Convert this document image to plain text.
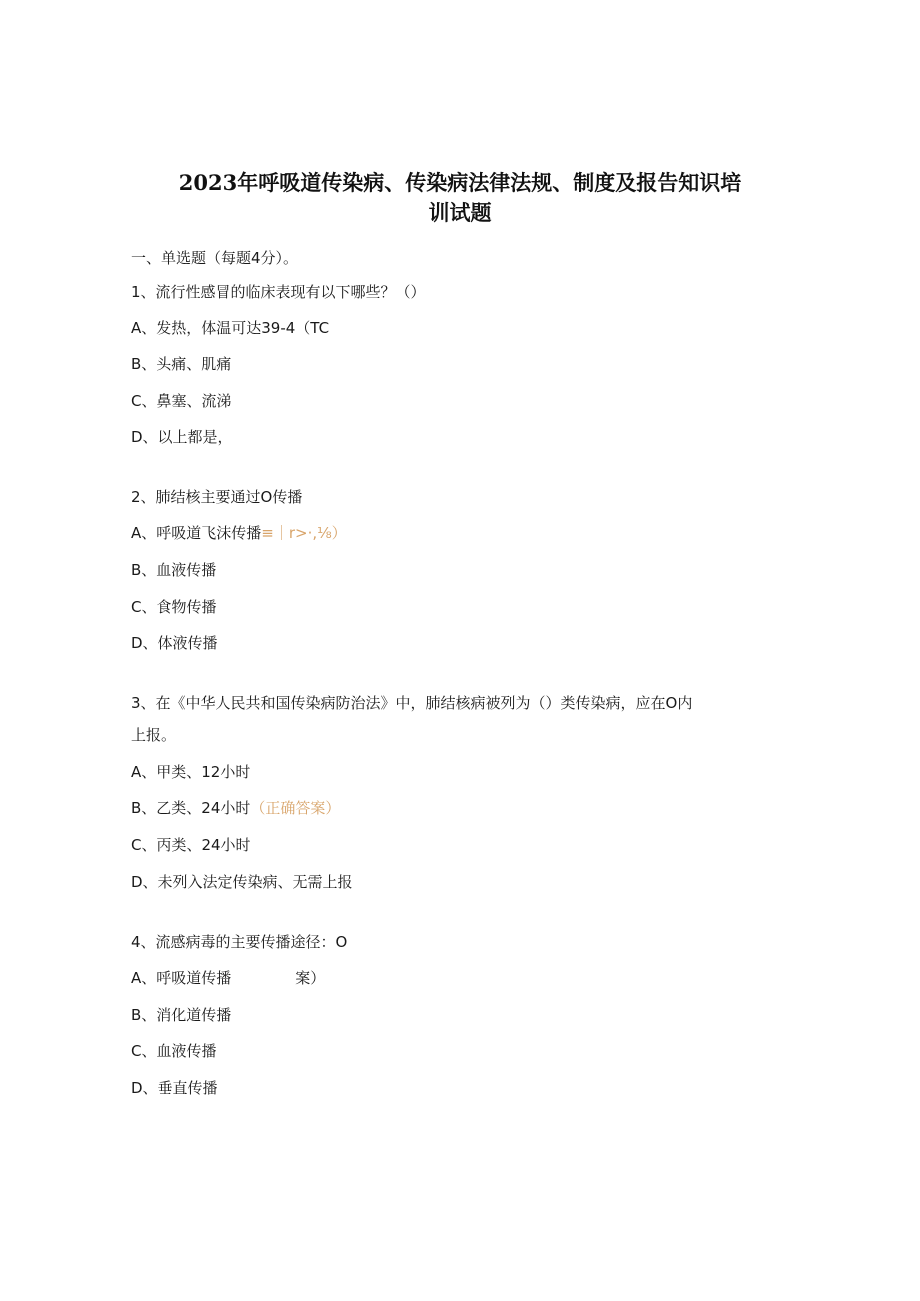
2023年呼吸道传染病、传染病法律法规、制度及报告知识培
训试题
一、单选题（每题4分）。
1、流行性感冒的临床表现有以下哪些？（）
A、发热，体温可达39-4（TC
B、头痛、肌痛
C、鼻塞、流涕
D、以上都是，
2、肺结核主要通过O传播
A、呼吸道飞沫传播≡｜r>·,⅛）
B、血液传播
C、食物传播
D、体液传播
3、在《中华人民共和国传染病防治法》中，肺结核病被列为（）类传染病，应在O内
上报。
A、甲类、12小时
B、乙类、24小时（正确答案）
C、丙类、24小时
D、未列入法定传染病、无需上报
4、流感病毒的主要传播途径：O
A、呼吸道传播	案）
B、消化道传播
C、血液传播
D、垂直传播
